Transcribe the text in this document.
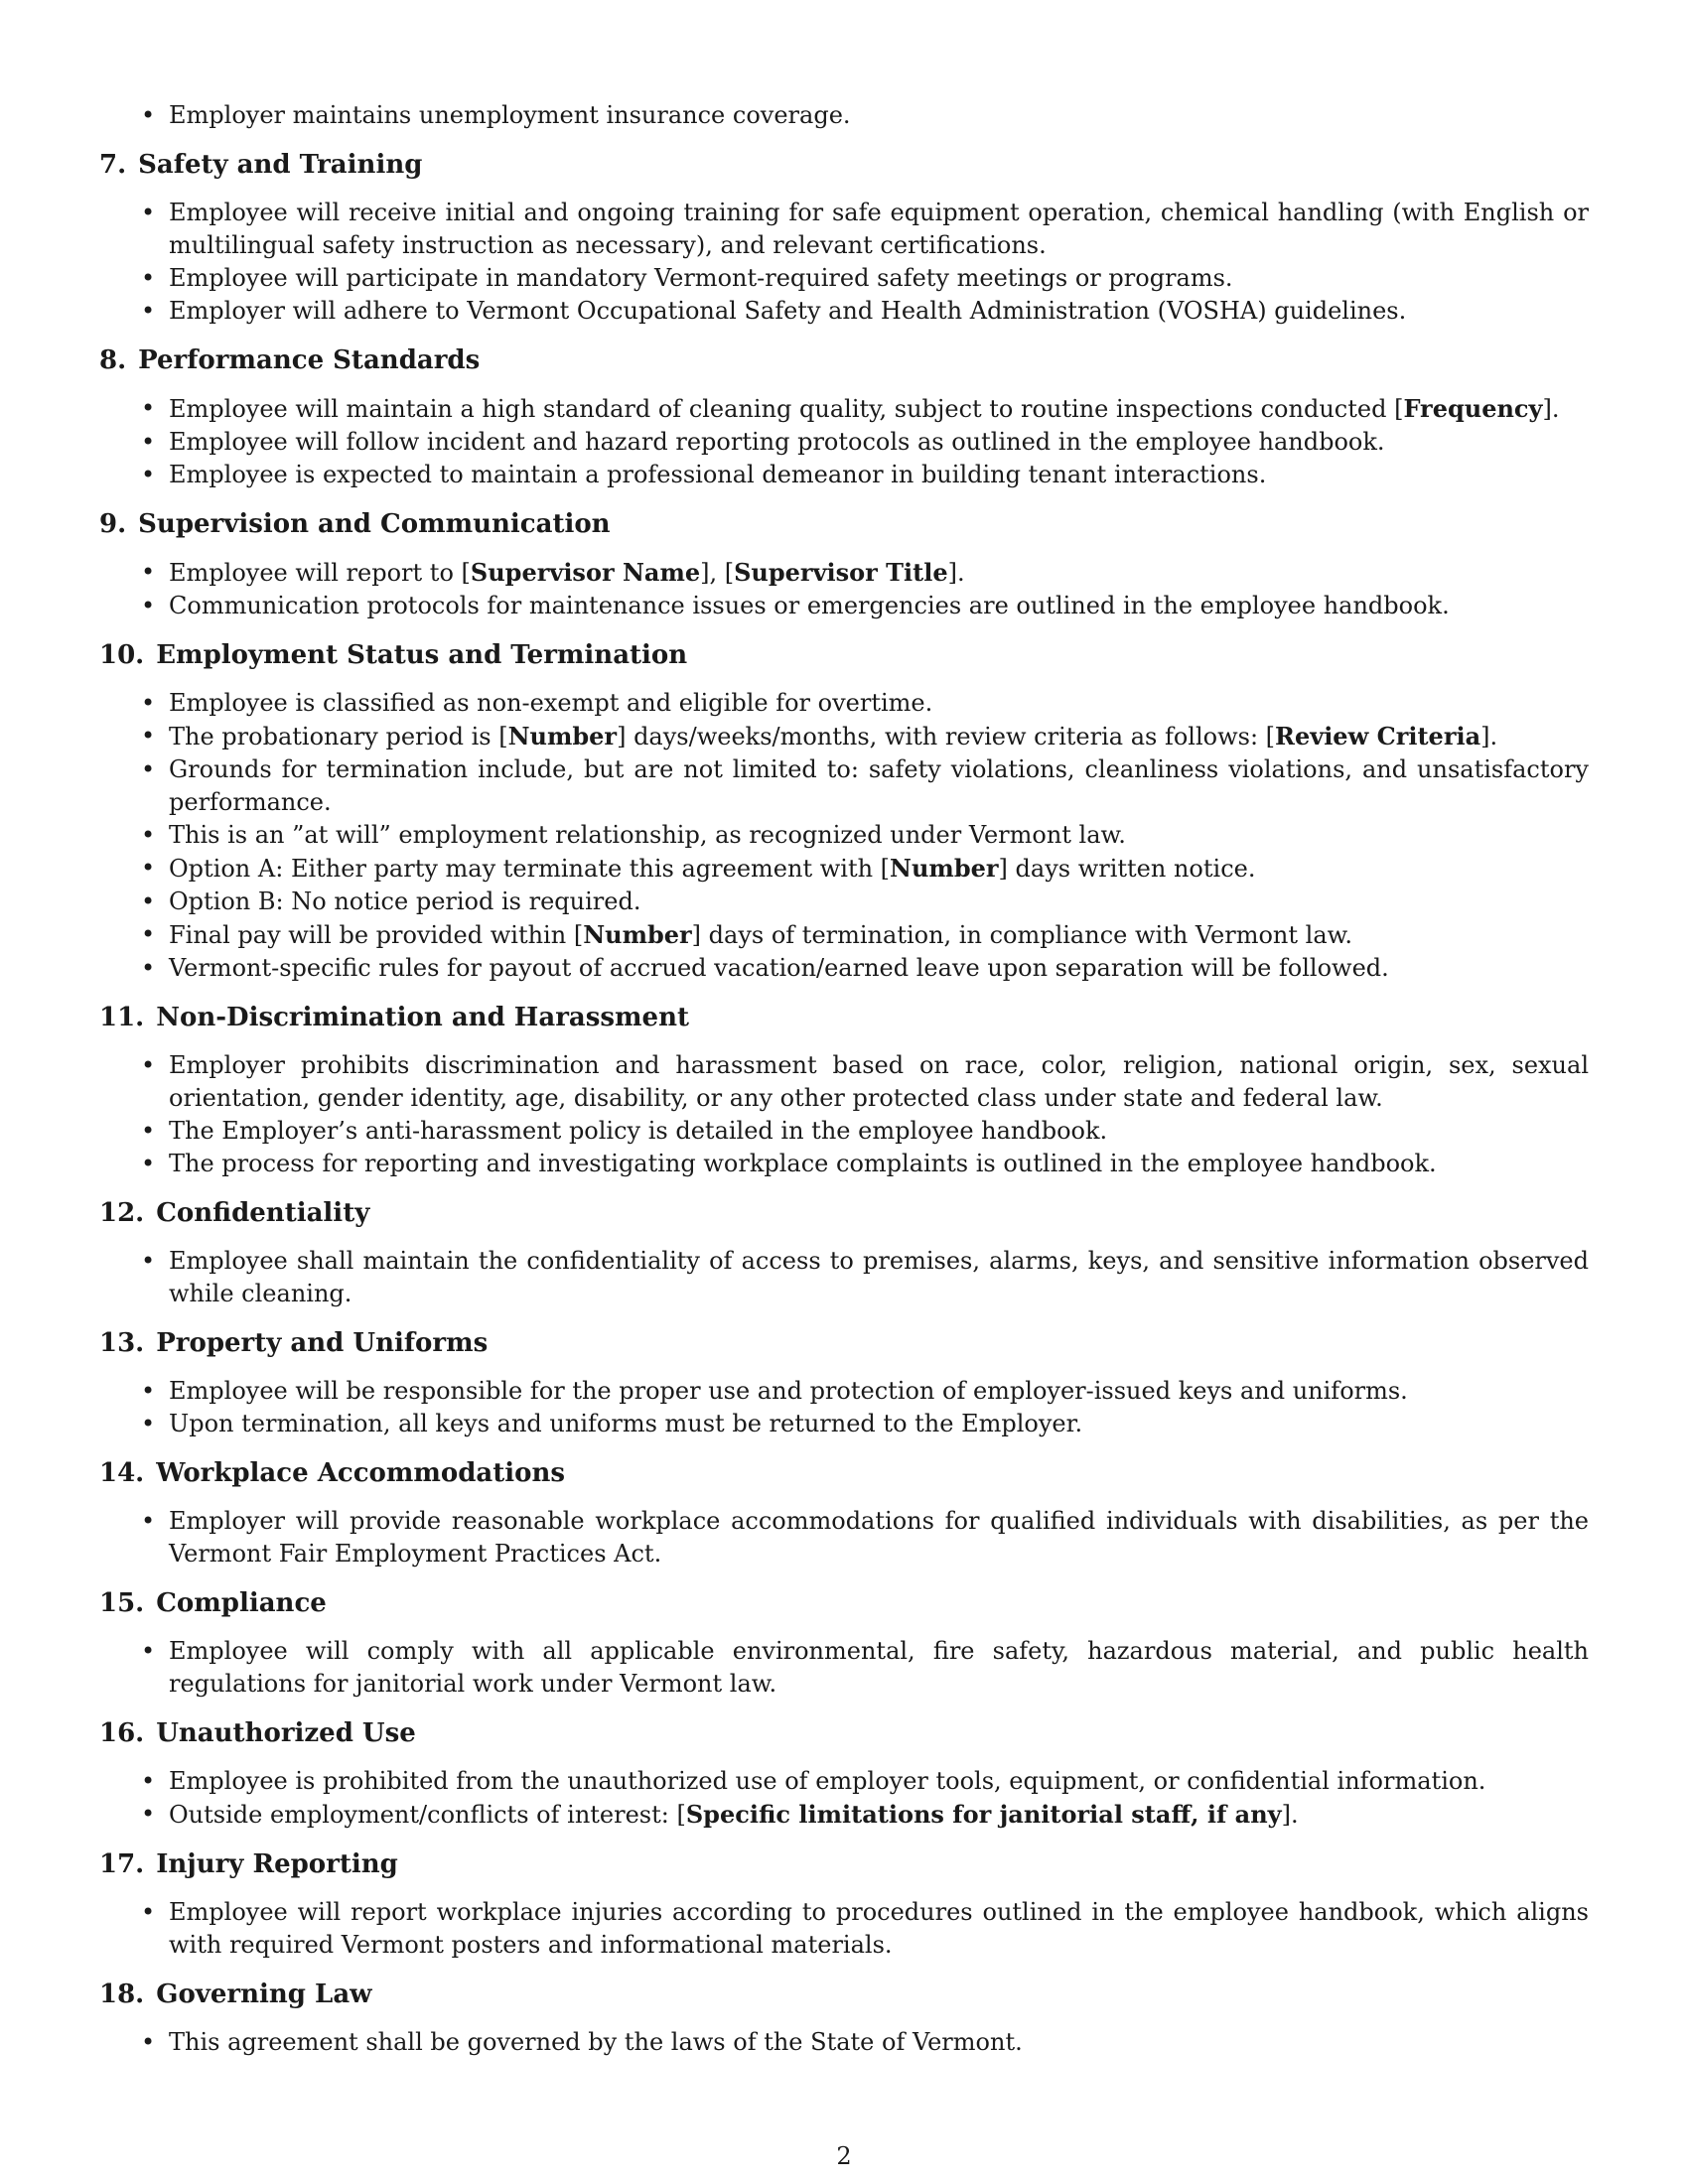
• Employer maintains unemployment insurance coverage.
7. Safety and Training
• Employee will receive initial and ongoing training for safe equipment operation, chemical handling (with English or multilingual safety instruction as necessary), and relevant certifications.
• Employee will participate in mandatory Vermont-required safety meetings or programs.
• Employer will adhere to Vermont Occupational Safety and Health Administration (VOSHA) guidelines.
8. Performance Standards
• Employee will maintain a high standard of cleaning quality, subject to routine inspections conducted [Frequency].
• Employee will follow incident and hazard reporting protocols as outlined in the employee handbook.
• Employee is expected to maintain a professional demeanor in building tenant interactions.
9. Supervision and Communication
• Employee will report to [Supervisor Name], [Supervisor Title].
• Communication protocols for maintenance issues or emergencies are outlined in the employee handbook.
10. Employment Status and Termination
• Employee is classified as non-exempt and eligible for overtime.
• The probationary period is [Number] days/weeks/months, with review criteria as follows: [Review Criteria].
• Grounds for termination include, but are not limited to: safety violations, cleanliness violations, and unsatisfactory performance.
• This is an ”at will” employment relationship, as recognized under Vermont law.
• Option A: Either party may terminate this agreement with [Number] days written notice.
• Option B: No notice period is required.
• Final pay will be provided within [Number] days of termination, in compliance with Vermont law.
• Vermont-specific rules for payout of accrued vacation/earned leave upon separation will be followed.
11. Non-Discrimination and Harassment
• Employer prohibits discrimination and harassment based on race, color, religion, national origin, sex, sexual orientation, gender identity, age, disability, or any other protected class under state and federal law.
• The Employer’s anti-harassment policy is detailed in the employee handbook.
• The process for reporting and investigating workplace complaints is outlined in the employee handbook.
12. Confidentiality
• Employee shall maintain the confidentiality of access to premises, alarms, keys, and sensitive information observed while cleaning.
13. Property and Uniforms
• Employee will be responsible for the proper use and protection of employer-issued keys and uniforms.
• Upon termination, all keys and uniforms must be returned to the Employer.
14. Workplace Accommodations
• Employer will provide reasonable workplace accommodations for qualified individuals with disabilities, as per the Vermont Fair Employment Practices Act.
15. Compliance
• Employee will comply with all applicable environmental, fire safety, hazardous material, and public health regulations for janitorial work under Vermont law.
16. Unauthorized Use
• Employee is prohibited from the unauthorized use of employer tools, equipment, or confidential information.
• Outside employment/conflicts of interest: [Specific limitations for janitorial staff, if any].
17. Injury Reporting
• Employee will report workplace injuries according to procedures outlined in the employee handbook, which aligns with required Vermont posters and informational materials.
18. Governing Law
• This agreement shall be governed by the laws of the State of Vermont.
2
